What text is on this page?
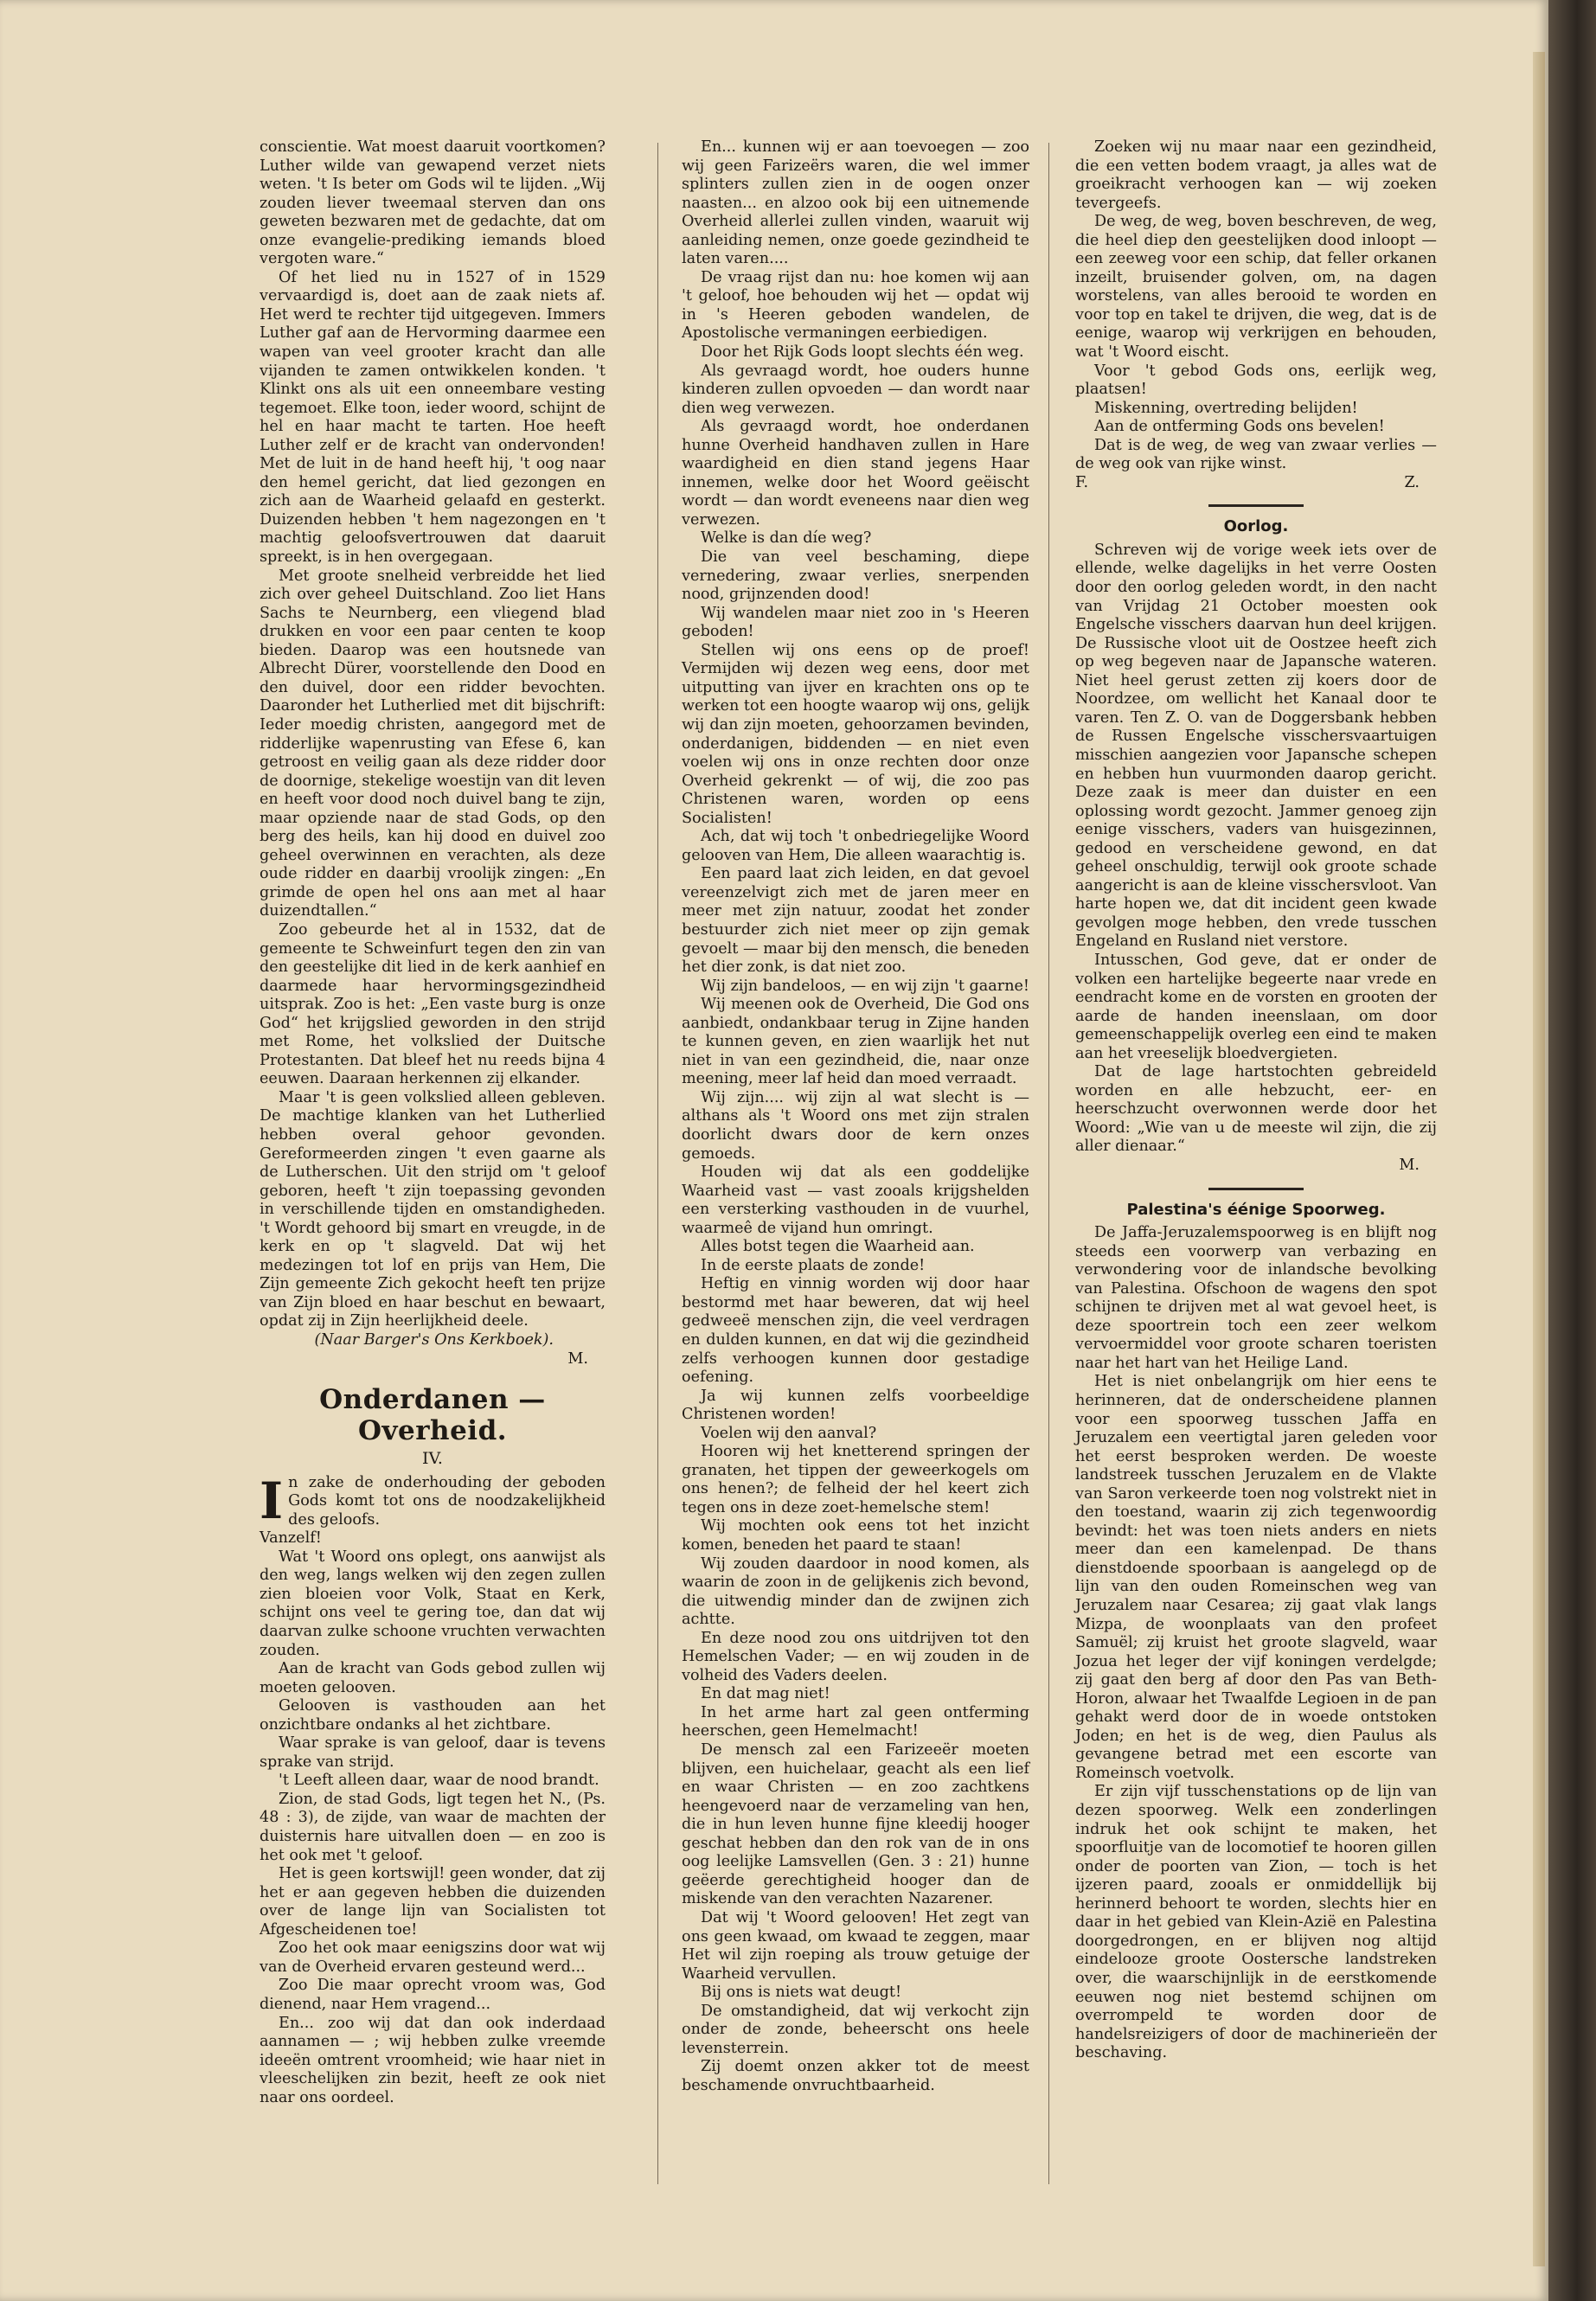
conscientie. Wat moest daaruit voortkomen? Luther wilde van gewapend verzet niets weten. 't Is beter om Gods wil te lijden. „Wij zouden liever tweemaal sterven dan ons geweten bezwaren met de gedachte, dat om onze evangelie-prediking iemands bloed vergoten ware.“

Of het lied nu in 1527 of in 1529 vervaardigd is, doet aan de zaak niets af. Het werd te rechter tijd uitgegeven. Immers Luther gaf aan de Hervorming daarmee een wapen van veel grooter kracht dan alle vijanden te zamen ontwikkelen konden. 't Klinkt ons als uit een onneembare vesting tegemoet. Elke toon, ieder woord, schijnt de hel en haar macht te tarten. Hoe heeft Luther zelf er de kracht van ondervonden! Met de luit in de hand heeft hij, 't oog naar den hemel gericht, dat lied gezongen en zich aan de Waarheid gelaafd en gesterkt. Duizenden hebben 't hem nagezongen en 't machtig geloofsvertrouwen dat daaruit spreekt, is in hen overgegaan.

Met groote snelheid verbreidde het lied zich over geheel Duitschland. Zoo liet Hans Sachs te Neurnberg, een vliegend blad drukken en voor een paar centen te koop bieden. Daarop was een houtsnede van Albrecht Dürer, voorstellende den Dood en den duivel, door een ridder bevochten. Daaronder het Lutherlied met dit bijschrift: Ieder moedig christen, aangegord met de ridderlijke wapenrusting van Efese 6, kan getroost en veilig gaan als deze ridder door de doornige, stekelige woestijn van dit leven en heeft voor dood noch duivel bang te zijn, maar opziende naar de stad Gods, op den berg des heils, kan hij dood en duivel zoo geheel overwinnen en verachten, als deze oude ridder en daarbij vroolijk zingen: „En grimde de open hel ons aan met al haar duizendtallen.“

Zoo gebeurde het al in 1532, dat de gemeente te Schweinfurt tegen den zin van den geestelijke dit lied in de kerk aanhief en daarmede haar hervormingsgezindheid uitsprak. Zoo is het: „Een vaste burg is onze God“ het krijgslied geworden in den strijd met Rome, het volkslied der Duitsche Protestanten. Dat bleef het nu reeds bijna 4 eeuwen. Daaraan herkennen zij elkander.

Maar 't is geen volkslied alleen gebleven. De machtige klanken van het Lutherlied hebben overal gehoor gevonden. Gereformeerden zingen 't even gaarne als de Lutherschen. Uit den strijd om 't geloof geboren, heeft 't zijn toepassing gevonden in verschillende tijden en omstandigheden. 't Wordt gehoord bij smart en vreugde, in de kerk en op 't slagveld. Dat wij het medezingen tot lof en prijs van Hem, Die Zijn gemeente Zich gekocht heeft ten prijze van Zijn bloed en haar beschut en bewaart, opdat zij in Zijn heerlijkheid deele.

(Naar Barger's Ons Kerkboek).

M.

Onderdanen — Overheid.
IV.

In zake de onderhouding der geboden Gods komt tot ons de noodzakelijkheid des geloofs.

Vanzelf!

Wat 't Woord ons oplegt, ons aanwijst als den weg, langs welken wij den zegen zullen zien bloeien voor Volk, Staat en Kerk, schijnt ons veel te gering toe, dan dat wij daarvan zulke schoone vruchten verwachten zouden.

Aan de kracht van Gods gebod zullen wij moeten gelooven.

Gelooven is vasthouden aan het onzichtbare ondanks al het zichtbare.

Waar sprake is van geloof, daar is tevens sprake van strijd.

't Leeft alleen daar, waar de nood brandt.

Zion, de stad Gods, ligt tegen het N., (Ps. 48 : 3), de zijde, van waar de machten der duisternis hare uitvallen doen — en zoo is het ook met 't geloof.

Het is geen kortswijl! geen wonder, dat zij het er aan gegeven hebben die duizenden over de lange lijn van Socialisten tot Afgescheidenen toe!

Zoo het ook maar eenigszins door wat wij van de Overheid ervaren gesteund werd...

Zoo Die maar oprecht vroom was, God dienend, naar Hem vragend...

En... zoo wij dat dan ook inderdaad aannamen — ; wij hebben zulke vreemde ideeën omtrent vroomheid; wie haar niet in vleeschelijken zin bezit, heeft ze ook niet naar ons oordeel.

En... kunnen wij er aan toevoegen — zoo wij geen Farizeërs waren, die wel immer splinters zullen zien in de oogen onzer naasten... en alzoo ook bij een uitnemende Overheid allerlei zullen vinden, waaruit wij aanleiding nemen, onze goede gezindheid te laten varen....

De vraag rijst dan nu: hoe komen wij aan 't geloof, hoe behouden wij het — opdat wij in 's Heeren geboden wandelen, de Apostolische vermaningen eerbiedigen.

Door het Rijk Gods loopt slechts één weg.

Als gevraagd wordt, hoe ouders hunne kinderen zullen opvoeden — dan wordt naar dien weg verwezen.

Als gevraagd wordt, hoe onderdanen hunne Overheid handhaven zullen in Hare waardigheid en dien stand jegens Haar innemen, welke door het Woord geëischt wordt — dan wordt eveneens naar dien weg verwezen.

Welke is dan díe weg?

Die van veel beschaming, diepe vernedering, zwaar verlies, snerpenden nood, grijnzenden dood!

Wij wandelen maar niet zoo in 's Heeren geboden!

Stellen wij ons eens op de proef! Vermijden wij dezen weg eens, door met uitputting van ijver en krachten ons op te werken tot een hoogte waarop wij ons, gelijk wij dan zijn moeten, gehoorzamen bevinden, onderdanigen, biddenden — en niet even voelen wij ons in onze rechten door onze Overheid gekrenkt — of wij, die zoo pas Christenen waren, worden op eens Socialisten!

Ach, dat wij toch 't onbedriegelijke Woord gelooven van Hem, Die alleen waarachtig is.

Een paard laat zich leiden, en dat gevoel vereenzelvigt zich met de jaren meer en meer met zijn natuur, zoodat het zonder bestuurder zich niet meer op zijn gemak gevoelt — maar bij den mensch, die beneden het dier zonk, is dat niet zoo.

Wij zijn bandeloos, — en wij zijn 't gaarne!

Wij meenen ook de Overheid, Die God ons aanbiedt, ondankbaar terug in Zijne handen te kunnen geven, en zien waarlijk het nut niet in van een gezindheid, die, naar onze meening, meer laf heid dan moed verraadt.

Wij zijn.... wij zijn al wat slecht is — althans als 't Woord ons met zijn stralen doorlicht dwars door de kern onzes gemoeds.

Houden wij dat als een goddelijke Waarheid vast — vast zooals krijgshelden een versterking vasthouden in de vuurhel, waarmeê de vijand hun omringt.

Alles botst tegen die Waarheid aan.

In de eerste plaats de zonde!

Heftig en vinnig worden wij door haar bestormd met haar beweren, dat wij heel gedweeë menschen zijn, die veel verdragen en dulden kunnen, en dat wij die gezindheid zelfs verhoogen kunnen door gestadige oefening.

Ja wij kunnen zelfs voorbeeldige Christenen worden!

Voelen wij den aanval?

Hooren wij het knetterend springen der granaten, het tippen der geweerkogels om ons henen?; de felheid der hel keert zich tegen ons in deze zoet-hemelsche stem!

Wij mochten ook eens tot het inzicht komen, beneden het paard te staan!

Wij zouden daardoor in nood komen, als waarin de zoon in de gelijkenis zich bevond, die uitwendig minder dan de zwijnen zich achtte.

En deze nood zou ons uitdrijven tot den Hemelschen Vader; — en wij zouden in de volheid des Vaders deelen.

En dat mag niet!

In het arme hart zal geen ontferming heerschen, geen Hemelmacht!

De mensch zal een Farizeeër moeten blijven, een huichelaar, geacht als een lief en waar Christen — en zoo zachtkens heengevoerd naar de verzameling van hen, die in hun leven hunne fijne kleedij hooger geschat hebben dan den rok van de in ons oog leelijke Lamsvellen (Gen. 3 : 21) hunne geëerde gerechtigheid hooger dan de miskende van den verachten Nazarener.

Dat wij 't Woord gelooven! Het zegt van ons geen kwaad, om kwaad te zeggen, maar Het wil zijn roeping als trouw getuige der Waarheid vervullen.

Bij ons is niets wat deugt!

De omstandigheid, dat wij verkocht zijn onder de zonde, beheerscht ons heele levensterrein.

Zij doemt onzen akker tot de meest beschamende onvruchtbaarheid.

Zoeken wij nu maar naar een gezindheid, die een vetten bodem vraagt, ja alles wat de groeikracht verhoogen kan — wij zoeken tevergeefs.

De weg, de weg, boven beschreven, de weg, die heel diep den geestelijken dood inloopt — een zeeweg voor een schip, dat feller orkanen inzeilt, bruisender golven, om, na dagen worstelens, van alles berooid te worden en voor top en takel te drijven, die weg, dat is de eenige, waarop wij verkrijgen en behouden, wat 't Woord eischt.

Voor 't gebod Gods ons, eerlijk weg, plaatsen!

Miskenning, overtreding belijden!

Aan de ontferming Gods ons bevelen!

Dat is de weg, de weg van zwaar verlies — de weg ook van rijke winst.

F.	Z.
Oorlog.

Schreven wij de vorige week iets over de ellende, welke dagelijks in het verre Oosten door den oorlog geleden wordt, in den nacht van Vrijdag 21 October moesten ook Engelsche visschers daarvan hun deel krijgen. De Russische vloot uit de Oostzee heeft zich op weg begeven naar de Japansche wateren. Niet heel gerust zetten zij koers door de Noordzee, om wellicht het Kanaal door te varen. Ten Z. O. van de Doggersbank hebben de Russen Engelsche visschersvaartuigen misschien aangezien voor Japansche schepen en hebben hun vuurmonden daarop gericht. Deze zaak is meer dan duister en een oplossing wordt gezocht. Jammer genoeg zijn eenige visschers, vaders van huisgezinnen, gedood en verscheidene gewond, en dat geheel onschuldig, terwijl ook groote schade aangericht is aan de kleine visschersvloot. Van harte hopen we, dat dit incident geen kwade gevolgen moge hebben, den vrede tusschen Engeland en Rusland niet verstore.

Intusschen, God geve, dat er onder de volken een hartelijke begeerte naar vrede en eendracht kome en de vorsten en grooten der aarde de handen ineenslaan, om door gemeenschappelijk overleg een eind te maken aan het vreeselijk bloedvergieten.

Dat de lage hartstochten gebreideld worden en alle hebzucht, eer- en heerschzucht overwonnen werde door het Woord: „Wie van u de meeste wil zijn, die zij aller dienaar.“

M.

Palestina's éénige Spoorweg.

De Jaffa-Jeruzalemspoorweg is en blijft nog steeds een voorwerp van verbazing en verwondering voor de inlandsche bevolking van Palestina. Ofschoon de wagens den spot schijnen te drijven met al wat gevoel heet, is deze spoortrein toch een zeer welkom vervoermiddel voor groote scharen toeristen naar het hart van het Heilige Land.

Het is niet onbelangrijk om hier eens te herinneren, dat de onderscheidene plannen voor een spoorweg tusschen Jaffa en Jeruzalem een veertigtal jaren geleden voor het eerst besproken werden. De woeste landstreek tusschen Jeruzalem en de Vlakte van Saron verkeerde toen nog volstrekt niet in den toestand, waarin zij zich tegenwoordig bevindt: het was toen niets anders en niets meer dan een kamelenpad. De thans dienstdoende spoorbaan is aangelegd op de lijn van den ouden Romeinschen weg van Jeruzalem naar Cesarea; zij gaat vlak langs Mizpa, de woonplaats van den profeet Samuël; zij kruist het groote slagveld, waar Jozua het leger der vijf koningen verdelgde; zij gaat den berg af door den Pas van Beth-Horon, alwaar het Twaalfde Legioen in de pan gehakt werd door de in woede ontstoken Joden; en het is de weg, dien Paulus als gevangene betrad met een escorte van Romeinsch voetvolk.

Er zijn vijf tusschenstations op de lijn van dezen spoorweg. Welk een zonderlingen indruk het ook schijnt te maken, het spoorfluitje van de locomotief te hooren gillen onder de poorten van Zion, — toch is het ijzeren paard, zooals er onmiddellijk bij herinnerd behoort te worden, slechts hier en daar in het gebied van Klein-Azië en Palestina doorgedrongen, en er blijven nog altijd eindelooze groote Oostersche landstreken over, die waarschijnlijk in de eerstkomende eeuwen nog niet bestemd schijnen om overrompeld te worden door de handelsreizigers of door de machinerieën der beschaving.
